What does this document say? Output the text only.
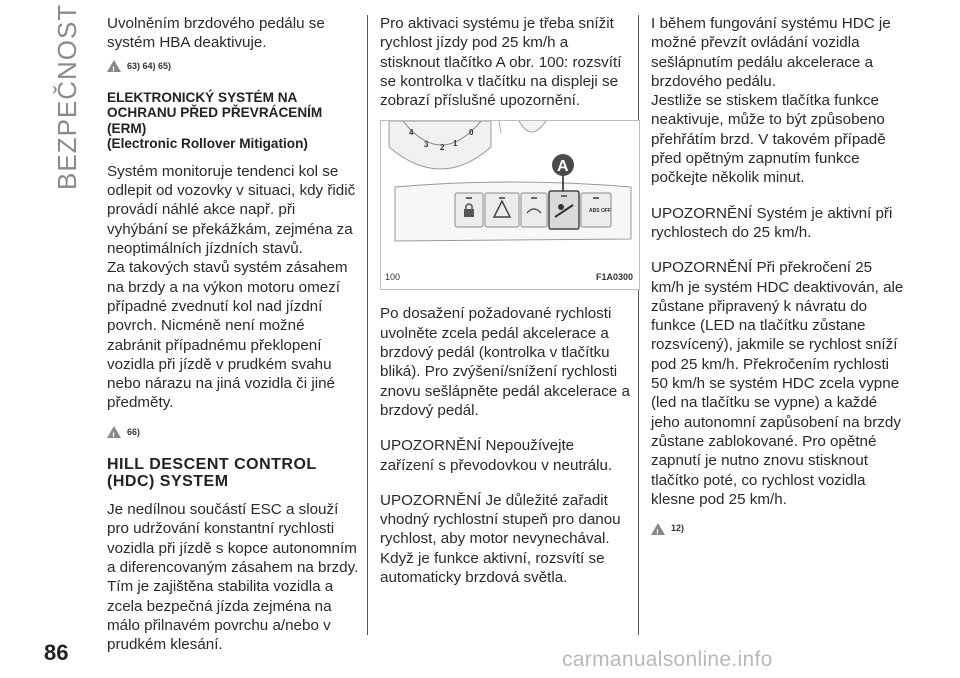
BEZPEČNOST Uvolněním brzdového pedálu se systém HBA deaktivuje.

!
63) 64) 65)
ELEKTRONICKÝ SYSTÉM NA OCHRANU PŘED PŘEVRÁCENÍM (ERM)
(Electronic Rollover Mitigation)

Systém monitoruje tendenci kol se odlepit od vozovky v situaci, kdy řidič provádí náhlé akce např. při vyhýbání se překážkám, zejména za neoptimálních jízdních stavů.

Za takových stavů systém zásahem na brzdy a na výkon motoru omezí případné zvednutí kol nad jízdní povrch. Nicméně není možné zabránit případnému překlopení vozidla při jízdě v prudkém svahu nebo nárazu na jiná vozidla či jiné předměty.

!
66)
HILL DESCENT CONTROL (HDC) SYSTEM

Je nedílnou součástí ESC a slouží pro udržování konstantní rychlosti vozidla při jízdě s kopce autonomním a diferencovaným zásahem na brzdy. Tím je zajištěna stabilita vozidla a zcela bezpečná jízda zejména na málo přilnavém povrchu a/nebo v prudkém klesání.

Pro aktivaci systému je třeba snížit rychlost jízdy pod 25 km/h a stisknout tlačítko A obr. 100: rozsvítí se kontrolka v tlačítku na displeji se zobrazí příslušné upozornění.

4
3 2 1
0
ABS OFF
A
100	F1A0300

Po dosažení požadované rychlosti uvolněte zcela pedál akcelerace a brzdový pedál (kontrolka v tlačítku bliká). Pro zvýšení/snížení rychlosti znovu sešlápněte pedál akcelerace a brzdový pedál.

UPOZORNĚNÍ Nepoužívejte zařízení s převodovkou v neutrálu.

UPOZORNĚNÍ Je důležité zařadit vhodný rychlostní stupeň pro danou rychlost, aby motor nevynechával. Když je funkce aktivní, rozsvítí se automaticky brzdová světla.

I během fungování systému HDC je možné převzít ovládání vozidla sešlápnutím pedálu akcelerace a brzdového pedálu.

Jestliže se stiskem tlačítka funkce neaktivuje, může to být způsobeno přehřátím brzd. V takovém případě před opětným zapnutím funkce počkejte několik minut.

UPOZORNĚNÍ Systém je aktivní při rychlostech do 25 km/h.

UPOZORNĚNÍ Při překročení 25 km/h je systém HDC deaktivován, ale zůstane připravený k návratu do funkce (LED na tlačítku zůstane rozsvícený), jakmile se rychlost sníží pod 25 km/h. Překročením rychlosti 50 km/h se systém HDC zcela vypne (led na tlačítku se vypne) a každé jeho autonomní zapůsobení na brzdy zůstane zablokované. Pro opětné zapnutí je nutno znovu stisknout tlačítko poté, co rychlost vozidla klesne pod 25 km/h.

!
12)
86	carmanualsonline.info
